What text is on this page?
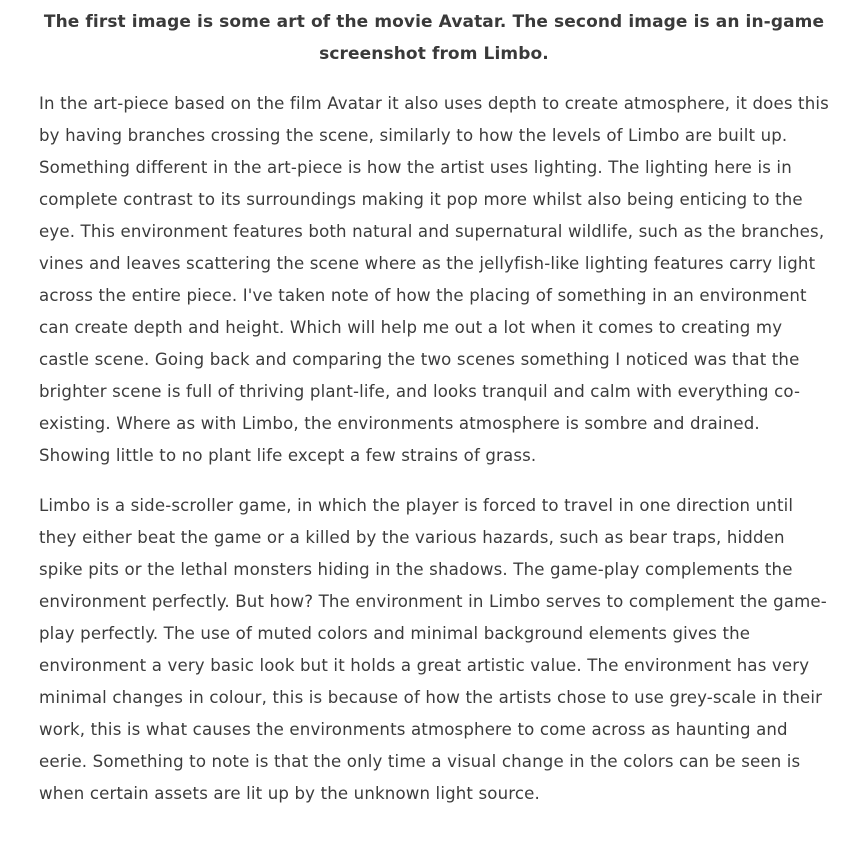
The first image is some art of the movie Avatar. The second image is an in-game screenshot from Limbo.

In the art-piece based on the film Avatar it also uses depth to create atmosphere, it does this by having branches crossing the scene, similarly to how the levels of Limbo are built up. Something different in the art-piece is how the artist uses lighting. The lighting here is in complete contrast to its surroundings making it pop more whilst also being enticing to the eye. This environment features both natural and supernatural wildlife, such as the branches, vines and leaves scattering the scene where as the jellyfish-like lighting features carry light across the entire piece. I've taken note of how the placing of something in an environment can create depth and height. Which will help me out a lot when it comes to creating my castle scene. Going back and comparing the two scenes something I noticed was that the brighter scene is full of thriving plant-life, and looks tranquil and calm with everything co-existing. Where as with Limbo, the environments atmosphere is sombre and drained. Showing little to no plant life except a few strains of grass.

Limbo is a side-scroller game, in which the player is forced to travel in one direction until they either beat the game or a killed by the various hazards, such as bear traps, hidden spike pits or the lethal monsters hiding in the shadows. The game-play complements the environment perfectly. But how? The environment in Limbo serves to complement the game-play perfectly. The use of muted colors and minimal background elements gives the environment a very basic look but it holds a great artistic value. The environment has very minimal changes in colour, this is because of how the artists chose to use grey-scale in their work, this is what causes the environments atmosphere to come across as haunting and eerie. Something to note is that the only time a visual change in the colors can be seen is when certain assets are lit up by the unknown light source.
